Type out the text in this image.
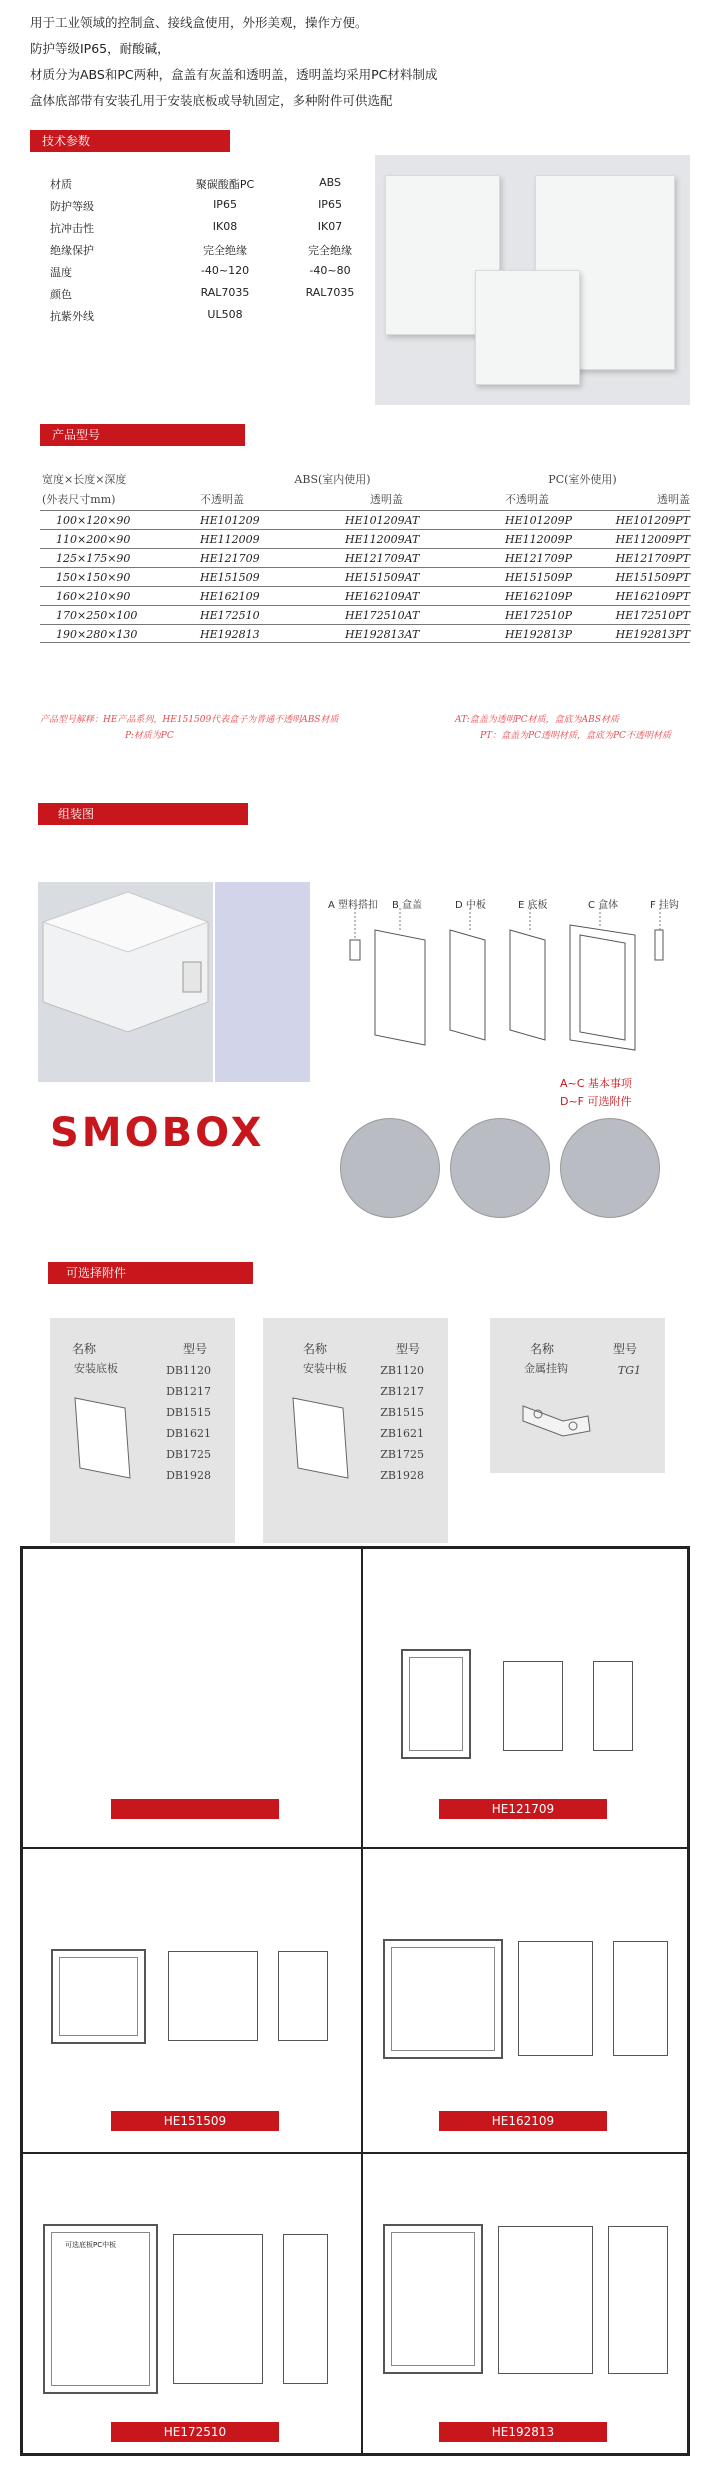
用于工业领域的控制盒、接线盒使用，外形美观，操作方便。
防护等级IP65，耐酸碱，
材质分为ABS和PC两种，盒盖有灰盖和透明盖，透明盖均采用PC材料制成
盒体底部带有安装孔用于安装底板或导轨固定，多种附件可供选配
技术参数
材质	聚碳酸酯PC	ABS
防护等级	IP65	IP65
抗冲击性	IK08	IK07
绝缘保护	完全绝缘	完全绝缘
温度	-40~120	-40~80
颜色	RAL7035	RAL7035
抗紫外线	UL508
产品型号
宽度×长度×深度	ABS(室内使用)	PC(室外使用)
(外表尺寸mm)	不透明盖	透明盖	不透明盖	透明盖
100×120×90	HE101209	HE101209AT	HE101209P	HE101209PT
110×200×90	HE112009	HE112009AT	HE112009P	HE112009PT
125×175×90	HE121709	HE121709AT	HE121709P	HE121709PT
150×150×90	HE151509	HE151509AT	HE151509P	HE151509PT
160×210×90	HE162109	HE162109AT	HE162109P	HE162109PT
170×250×100	HE172510	HE172510AT	HE172510P	HE172510PT
190×280×130	HE192813	HE192813AT	HE192813P	HE192813PT
产品型号解释：HE产品系列，HE151509代表盒子为普通不透明ABS材质
P:材质为PC
AT:盒盖为透明PC材质，盒底为ABS材质
PT：盒盖为PC透明材质，盒底为PC不透明材质
组装图
A 塑料搭扣 B 盒盖	D 中板	E 底板	C 盒体	F 挂钩
A~C 基本事项
D~F 可选附件
SMOBOX
可选择附件
名称	型号
安装底板	DB1120
DB1217
DB1515
DB1621
DB1725
DB1928
名称	型号
安装中板	ZB1120
ZB1217
ZB1515
ZB1621
ZB1725
ZB1928
名称	型号
金属挂钩	TG1
HE121709
HE151509	HE162109
可选底板PC中板
HE172510	HE192813
